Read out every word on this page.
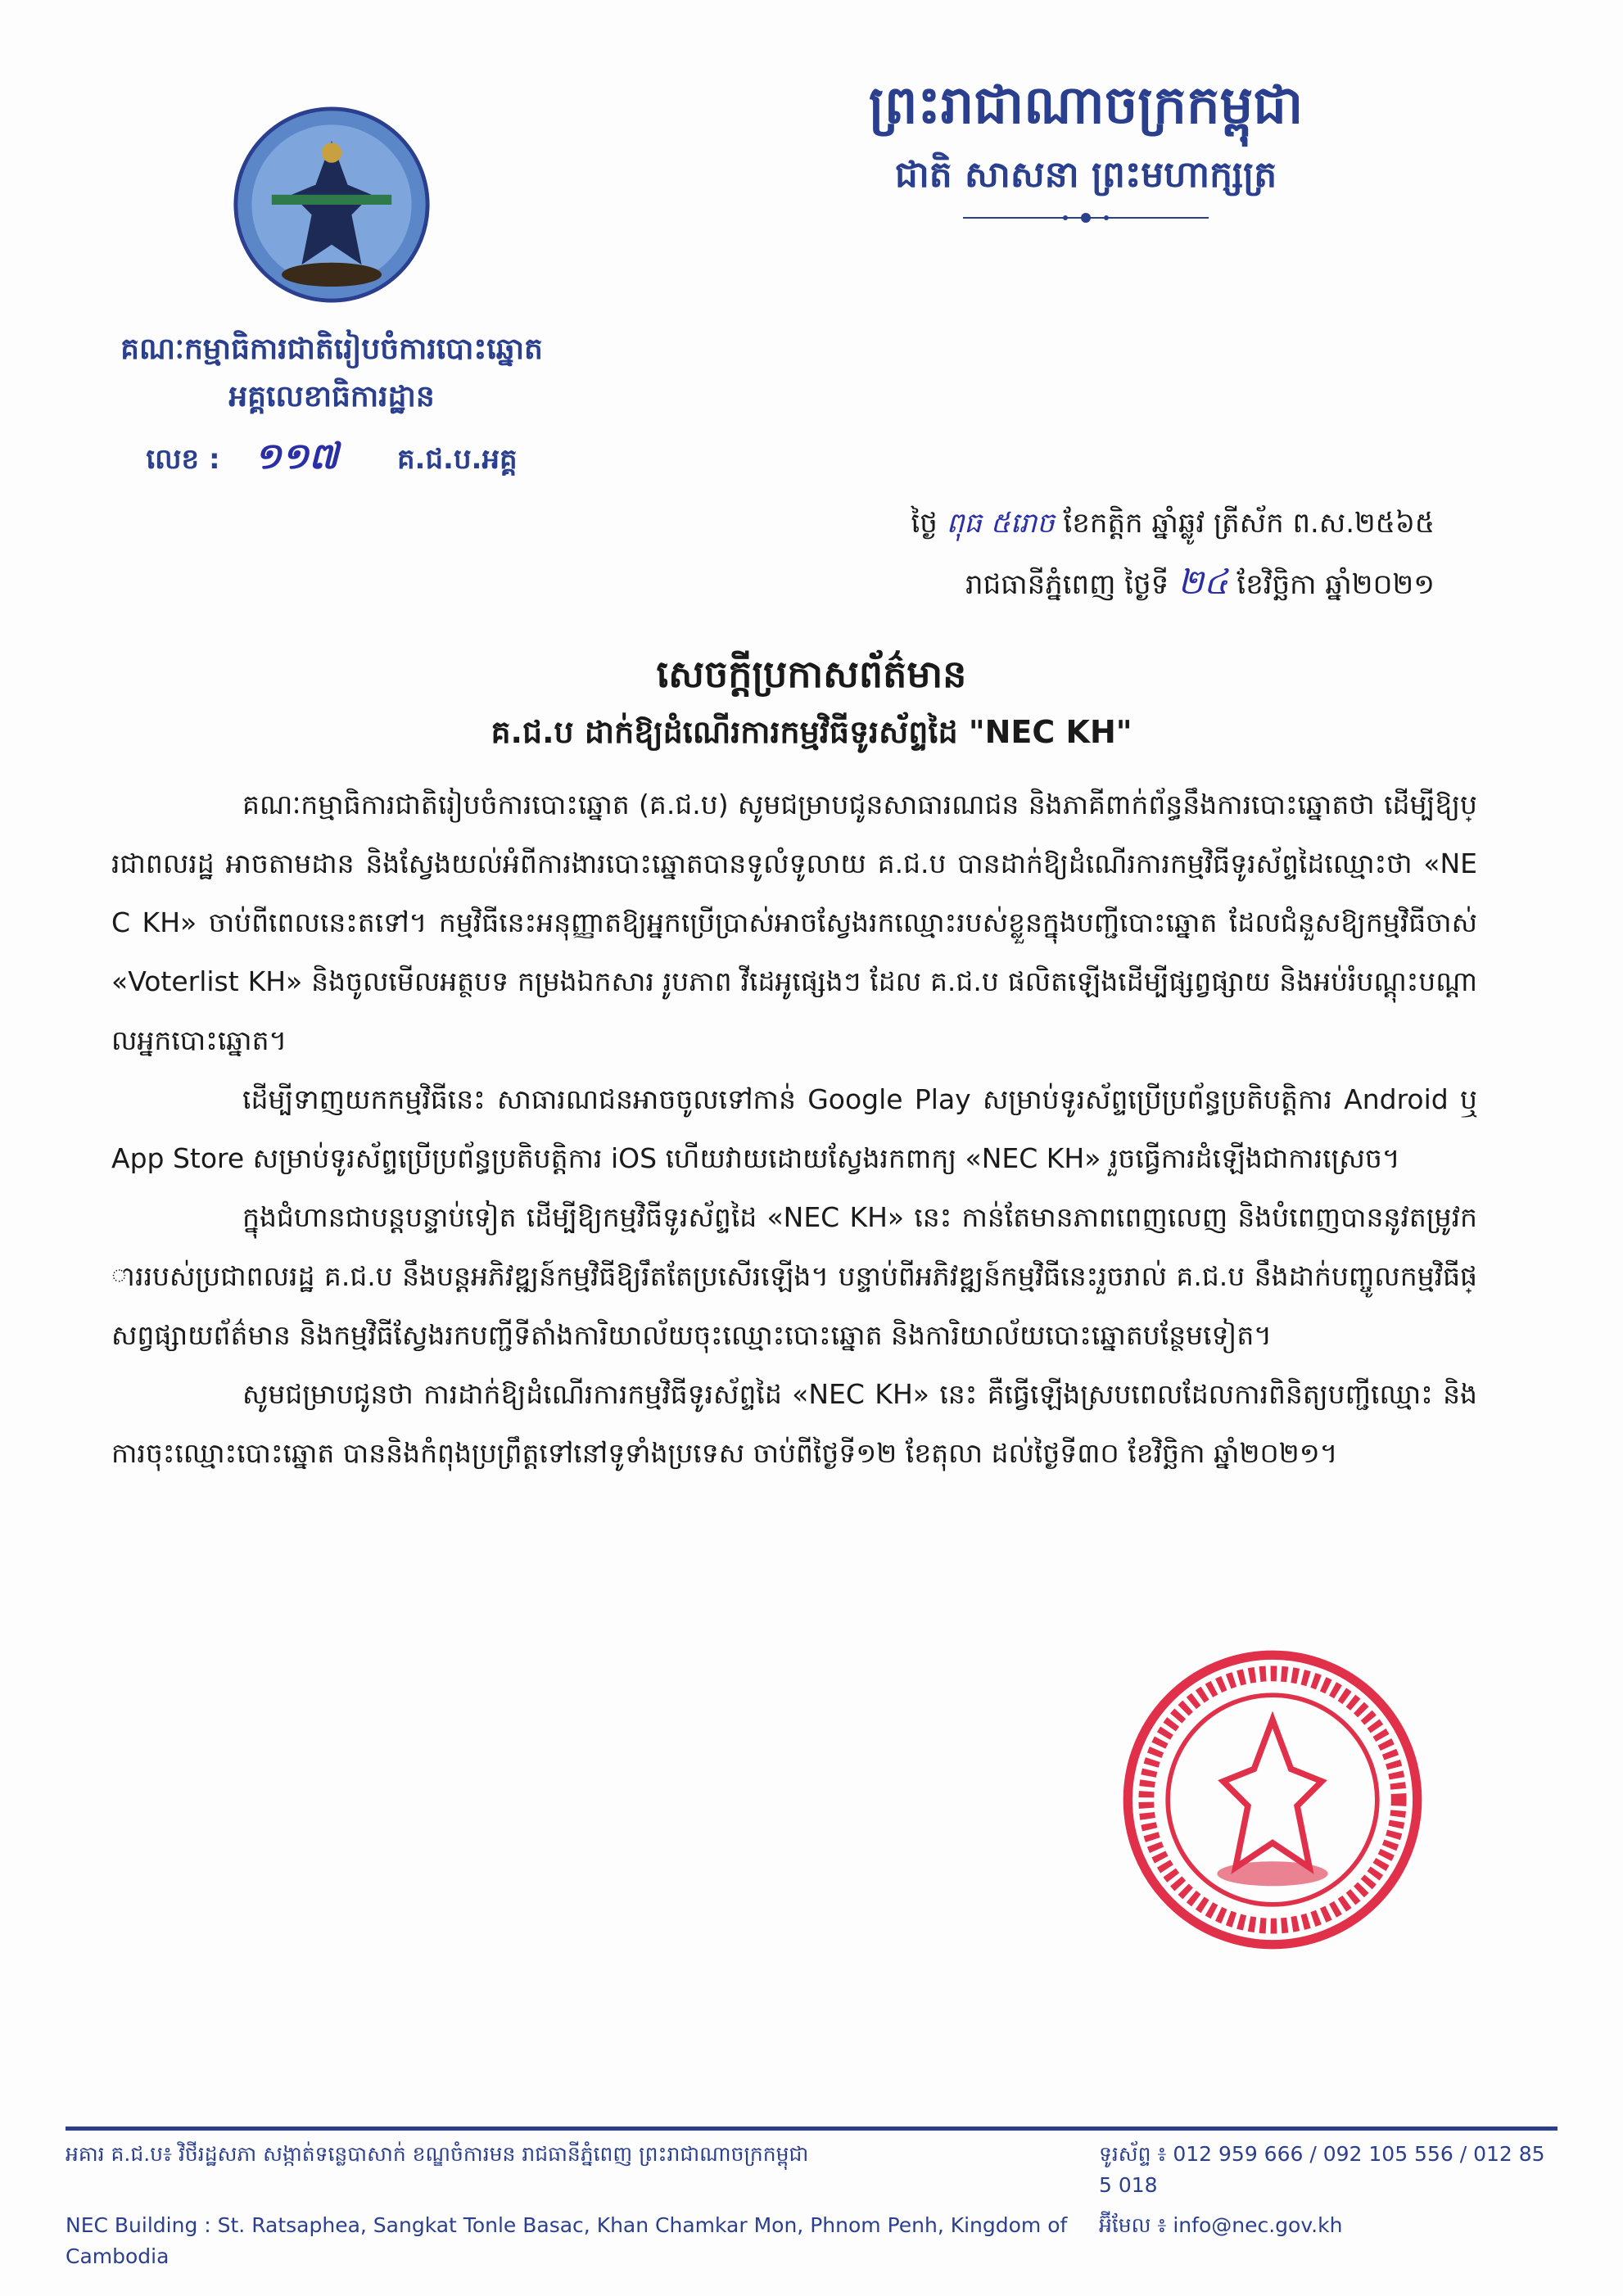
គណៈកម្មាធិការជាតិរៀបចំការបោះឆ្នោត
អគ្គលេខាធិការដ្ឋាន
លេខ : ១១៧ គ.ជ.ប.អគ្គ
ព្រះរាជាណាចក្រកម្ពុជា
ជាតិ សាសនា ព្រះមហាក្សត្រ
ថ្ងៃ ពុធ ៥រោច ខែកត្តិក ឆ្នាំឆ្លូវ ត្រីស័ក ព.ស.២៥៦៥
រាជធានីភ្នំពេញ ថ្ងៃទី ២៤ ខែវិច្ឆិកា ឆ្នាំ២០២១
សេចក្ដីប្រកាសព័ត៌មាន
គ.ជ.ប ដាក់ឱ្យដំណើរការកម្មវិធីទូរស័ព្ទដៃ "NEC KH"

គណៈកម្មាធិការជាតិរៀបចំការបោះឆ្នោត (គ.ជ.ប) សូមជម្រាបជូនសាធារណជន និងភាគីពាក់ព័ន្ធនឹងការបោះឆ្នោតថា ដើម្បីឱ្យប្រជាពលរដ្ឋ អាចតាមដាន និងស្វែងយល់អំពីការងារបោះឆ្នោតបានទូលំទូលាយ គ.ជ.ប បានដាក់ឱ្យដំណើរការកម្មវិធីទូរស័ព្ទដៃឈ្មោះថា «NEC KH» ចាប់ពីពេលនេះតទៅ។ កម្មវិធីនេះអនុញ្ញាតឱ្យអ្នកប្រើប្រាស់អាចស្វែងរកឈ្មោះរបស់ខ្លួនក្នុងបញ្ជីបោះឆ្នោត ដែលជំនួសឱ្យកម្មវិធីចាស់ «Voterlist KH» និងចូលមើលអត្ថបទ កម្រងឯកសារ រូបភាព វីដេអូផ្សេងៗ ដែល គ.ជ.ប ផលិតឡើងដើម្បីផ្សព្វផ្សាយ និងអប់រំបណ្ដុះបណ្ដាលអ្នកបោះឆ្នោត។

ដើម្បីទាញយកកម្មវិធីនេះ សាធារណជនអាចចូលទៅកាន់ Google Play សម្រាប់ទូរស័ព្ទប្រើប្រព័ន្ធប្រតិបត្តិការ Android ឬ App Store សម្រាប់ទូរស័ព្ទប្រើប្រព័ន្ធប្រតិបត្តិការ iOS ហើយវាយដោយស្វែងរកពាក្យ «NEC KH» រួចធ្វើការដំឡើងជាការស្រេច។

ក្នុងជំហានជាបន្តបន្ទាប់ទៀត ដើម្បីឱ្យកម្មវិធីទូរស័ព្ទដៃ «NEC KH» នេះ កាន់តែមានភាពពេញលេញ និងបំពេញបាននូវតម្រូវការរបស់ប្រជាពលរដ្ឋ គ.ជ.ប នឹងបន្តអភិវឌ្ឍន៍កម្មវិធីឱ្យរឹតតែប្រសើរឡើង។ បន្ទាប់ពីអភិវឌ្ឍន៍កម្មវិធីនេះរួចរាល់ គ.ជ.ប នឹងដាក់បញ្ចូលកម្មវិធីផ្សព្វផ្សាយព័ត៌មាន និងកម្មវិធីស្វែងរកបញ្ជីទីតាំងការិយាល័យចុះឈ្មោះបោះឆ្នោត និងការិយាល័យបោះឆ្នោតបន្ថែមទៀត។

សូមជម្រាបជូនថា ការដាក់ឱ្យដំណើរការកម្មវិធីទូរស័ព្ទដៃ «NEC KH» នេះ គឺធ្វើឡើងស្របពេលដែលការពិនិត្យបញ្ជីឈ្មោះ និងការចុះឈ្មោះបោះឆ្នោត បាននិងកំពុងប្រព្រឹត្តទៅនៅទូទាំងប្រទេស ចាប់ពីថ្ងៃទី១២ ខែតុលា ដល់ថ្ងៃទី៣០ ខែវិច្ឆិកា ឆ្នាំ២០២១។

អគារ គ.ជ.ប៖ វិថីរដ្ឋសភា សង្កាត់ទន្លេបាសាក់ ខណ្ឌចំការមន រាជធានីភ្នំពេញ ព្រះរាជាណាចក្រកម្ពុជា	ទូរស័ព្ទ ៖ 012 959 666 / 092 105 556 / 012 855 018
NEC Building : St. Ratsaphea, Sangkat Tonle Basac, Khan Chamkar Mon, Phnom Penh, Kingdom of Cambodia
អ៊ីមែល ៖ info@nec.gov.kh
